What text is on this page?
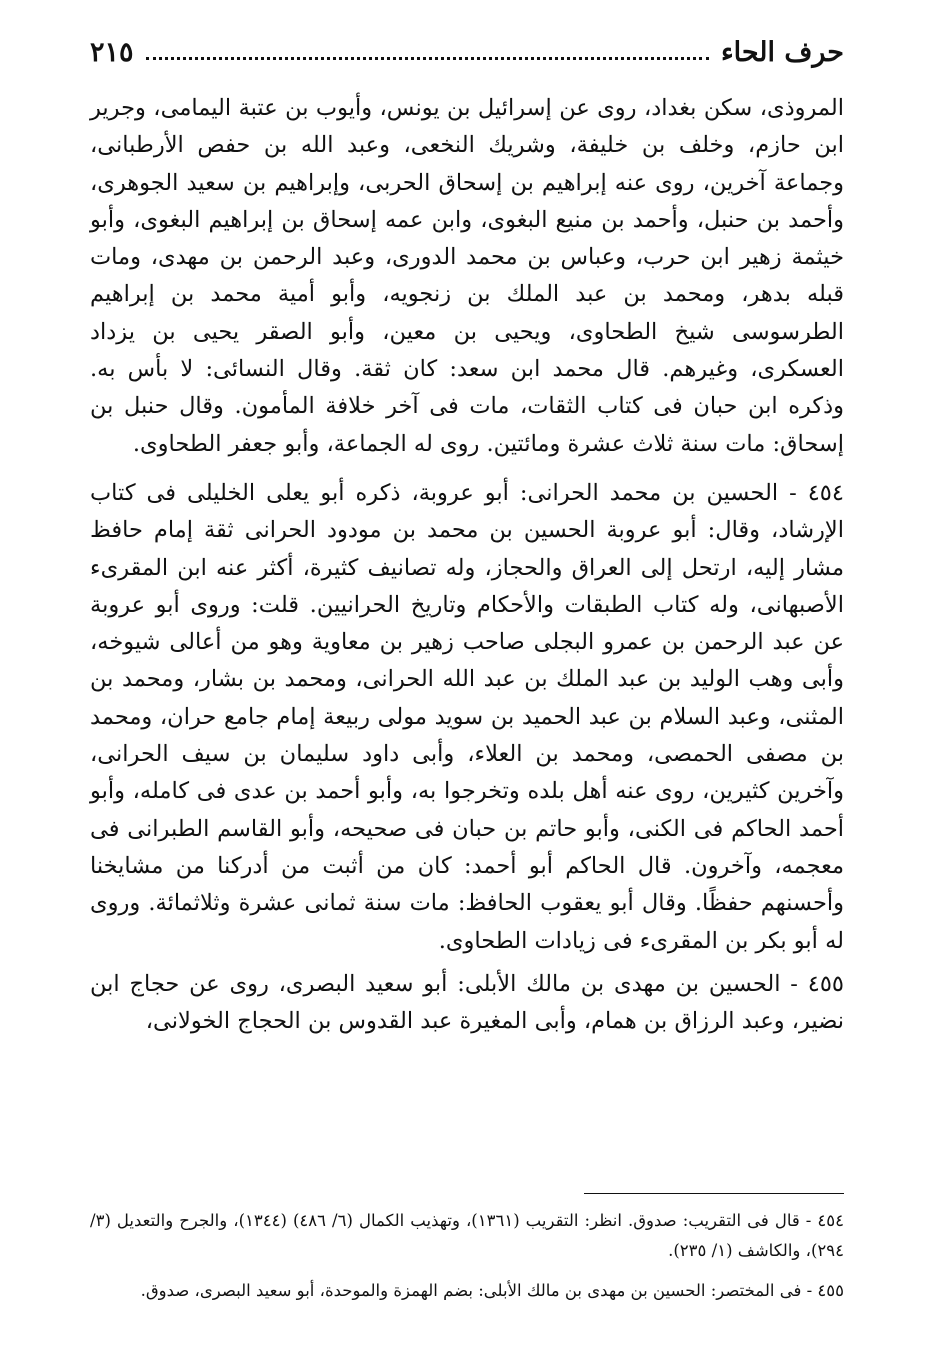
حرف الحاء
٢١٥

المروذى، سكن بغداد، روى عن إسرائيل بن يونس، وأيوب بن عتبة اليمامى، وجرير ابن حازم، وخلف بن خليفة، وشريك النخعى، وعبد الله بن حفص الأرطبانى، وجماعة آخرين، روى عنه إبراهيم بن إسحاق الحربى، وإبراهيم بن سعيد الجوهرى، وأحمد بن حنبل، وأحمد بن منيع البغوى، وابن عمه إسحاق بن إبراهيم البغوى، وأبو خيثمة زهير ابن حرب، وعباس بن محمد الدورى، وعبد الرحمن بن مهدى، ومات قبله بدهر، ومحمد بن عبد الملك بن زنجويه، وأبو أمية محمد بن إبراهيم الطرسوسى شيخ الطحاوى، ويحيى بن معين، وأبو الصقر يحيى بن يزداد العسكرى، وغيرهم. قال محمد ابن سعد: كان ثقة. وقال النسائى: لا بأس به. وذكره ابن حبان فى كتاب الثقات، مات فى آخر خلافة المأمون. وقال حنبل بن إسحاق: مات سنة ثلاث عشرة ومائتين. روى له الجماعة، وأبو جعفر الطحاوى.

٤٥٤ - الحسين بن محمد الحرانى: أبو عروبة، ذكره أبو يعلى الخليلى فى كتاب الإرشاد، وقال: أبو عروبة الحسين بن محمد بن مودود الحرانى ثقة إمام حافظ مشار إليه، ارتحل إلى العراق والحجاز، وله تصانيف كثيرة، أكثر عنه ابن المقرىء الأصبهانى، وله كتاب الطبقات والأحكام وتاريخ الحرانيين. قلت: وروى أبو عروبة عن عبد الرحمن بن عمرو البجلى صاحب زهير بن معاوية وهو من أعالى شيوخه، وأبى وهب الوليد بن عبد الملك بن عبد الله الحرانى، ومحمد بن بشار، ومحمد بن المثنى، وعبد السلام بن عبد الحميد بن سويد مولى ربيعة إمام جامع حران، ومحمد بن مصفى الحمصى، ومحمد بن العلاء، وأبى داود سليمان بن سيف الحرانى، وآخرين كثيرين، روى عنه أهل بلده وتخرجوا به، وأبو أحمد بن عدى فى كامله، وأبو أحمد الحاكم فى الكنى، وأبو حاتم بن حبان فى صحيحه، وأبو القاسم الطبرانى فى معجمه، وآخرون. قال الحاكم أبو أحمد: كان من أثبت من أدركنا من مشايخنا وأحسنهم حفظًا. وقال أبو يعقوب الحافظ: مات سنة ثمانى عشرة وثلاثمائة. وروى له أبو بكر بن المقرىء فى زيادات الطحاوى.

٤٥٥ - الحسين بن مهدى بن مالك الأبلى: أبو سعيد البصرى، روى عن حجاج ابن نضير، وعبد الرزاق بن همام، وأبى المغيرة عبد القدوس بن الحجاج الخولانى،

٤٥٤ - قال فى التقريب: صدوق. انظر: التقريب (١٣٦١)، وتهذيب الكمال (٦/ ٤٨٦) (١٣٤٤)، والجرح والتعديل (٣/ ٢٩٤)، والكاشف (١/ ٢٣٥).

٤٥٥ - فى المختصر: الحسين بن مهدى بن مالك الأبلى: بضم الهمزة والموحدة، أبو سعيد البصرى، صدوق.
